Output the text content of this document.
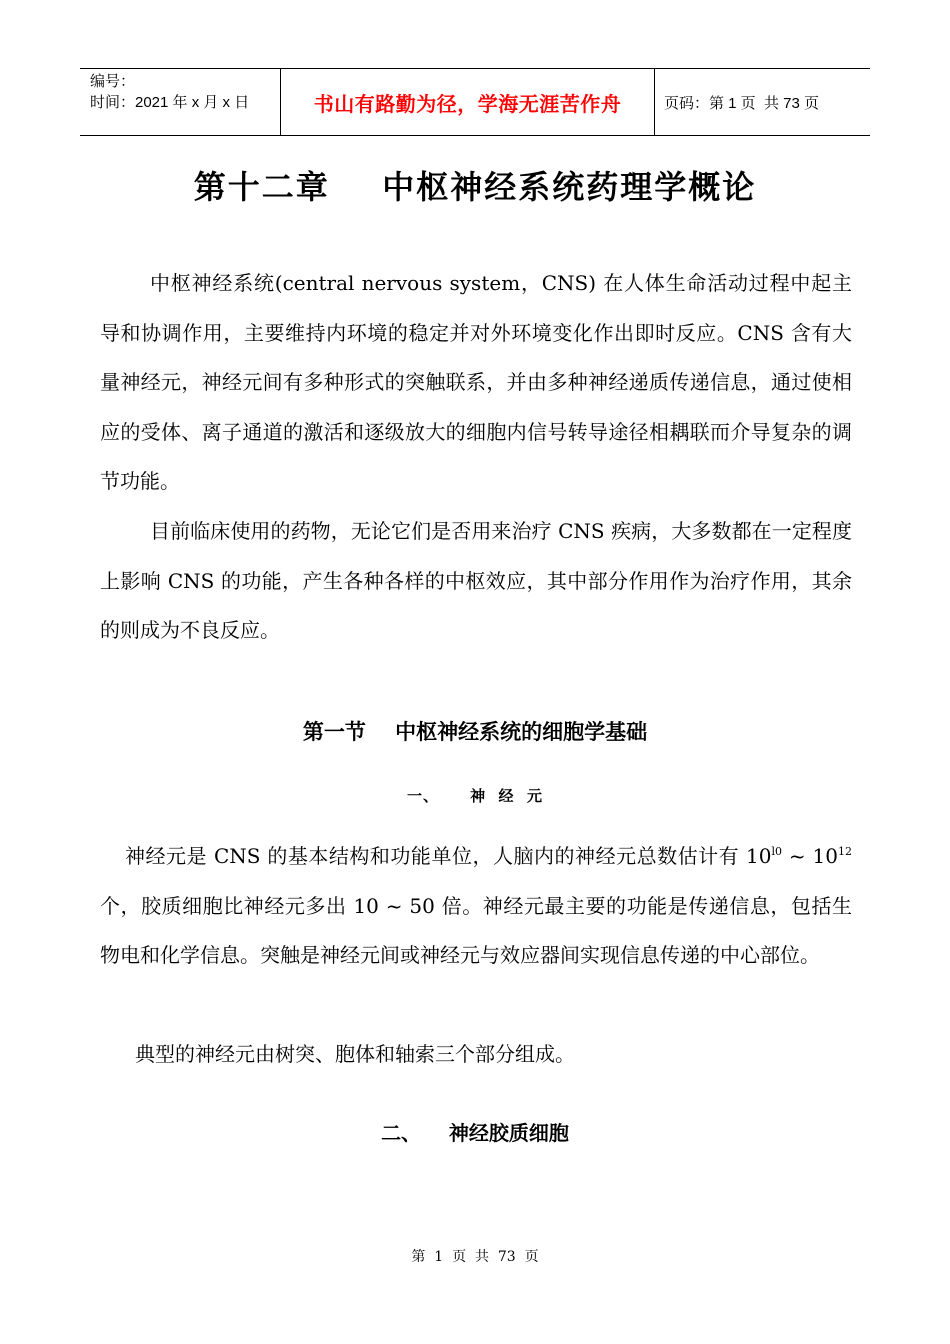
编号：
时间：2021 年 x 月 x 日	书山有路勤为径，学海无涯苦作舟	页码：第 1 页  共 73 页
第十二章    中枢神经系统药理学概论

中枢神经系统(central nervous system，CNS) 在人体生命活动过程中起主导和协调作用，主要维持内环境的稳定并对外环境变化作出即时反应。CNS 含有大量神经元，神经元间有多种形式的突触联系，并由多种神经递质传递信息，通过使相应的受体、离子通道的激活和逐级放大的细胞内信号转导途径相耦联而介导复杂的调节功能。

目前临床使用的药物，无论它们是否用来治疗 CNS 疾病，大多数都在一定程度上影响 CNS 的功能，产生各种各样的中枢效应，其中部分作用作为治疗作用，其余的则成为不良反应。

第一节    中枢神经系统的细胞学基础
一、     神  经  元

神经元是 CNS 的基本结构和功能单位，人脑内的神经元总数估计有 $10^{l0}$ ~ $10^{12}$ 个，胶质细胞比神经元多出 10 ~ 50 倍。神经元最主要的功能是传递信息，包括生物电和化学信息。突触是神经元间或神经元与效应器间实现信息传递的中心部位。

典型的神经元由树突、胞体和轴索三个部分组成。

二、    神经胶质细胞
第  1  页  共  73  页
